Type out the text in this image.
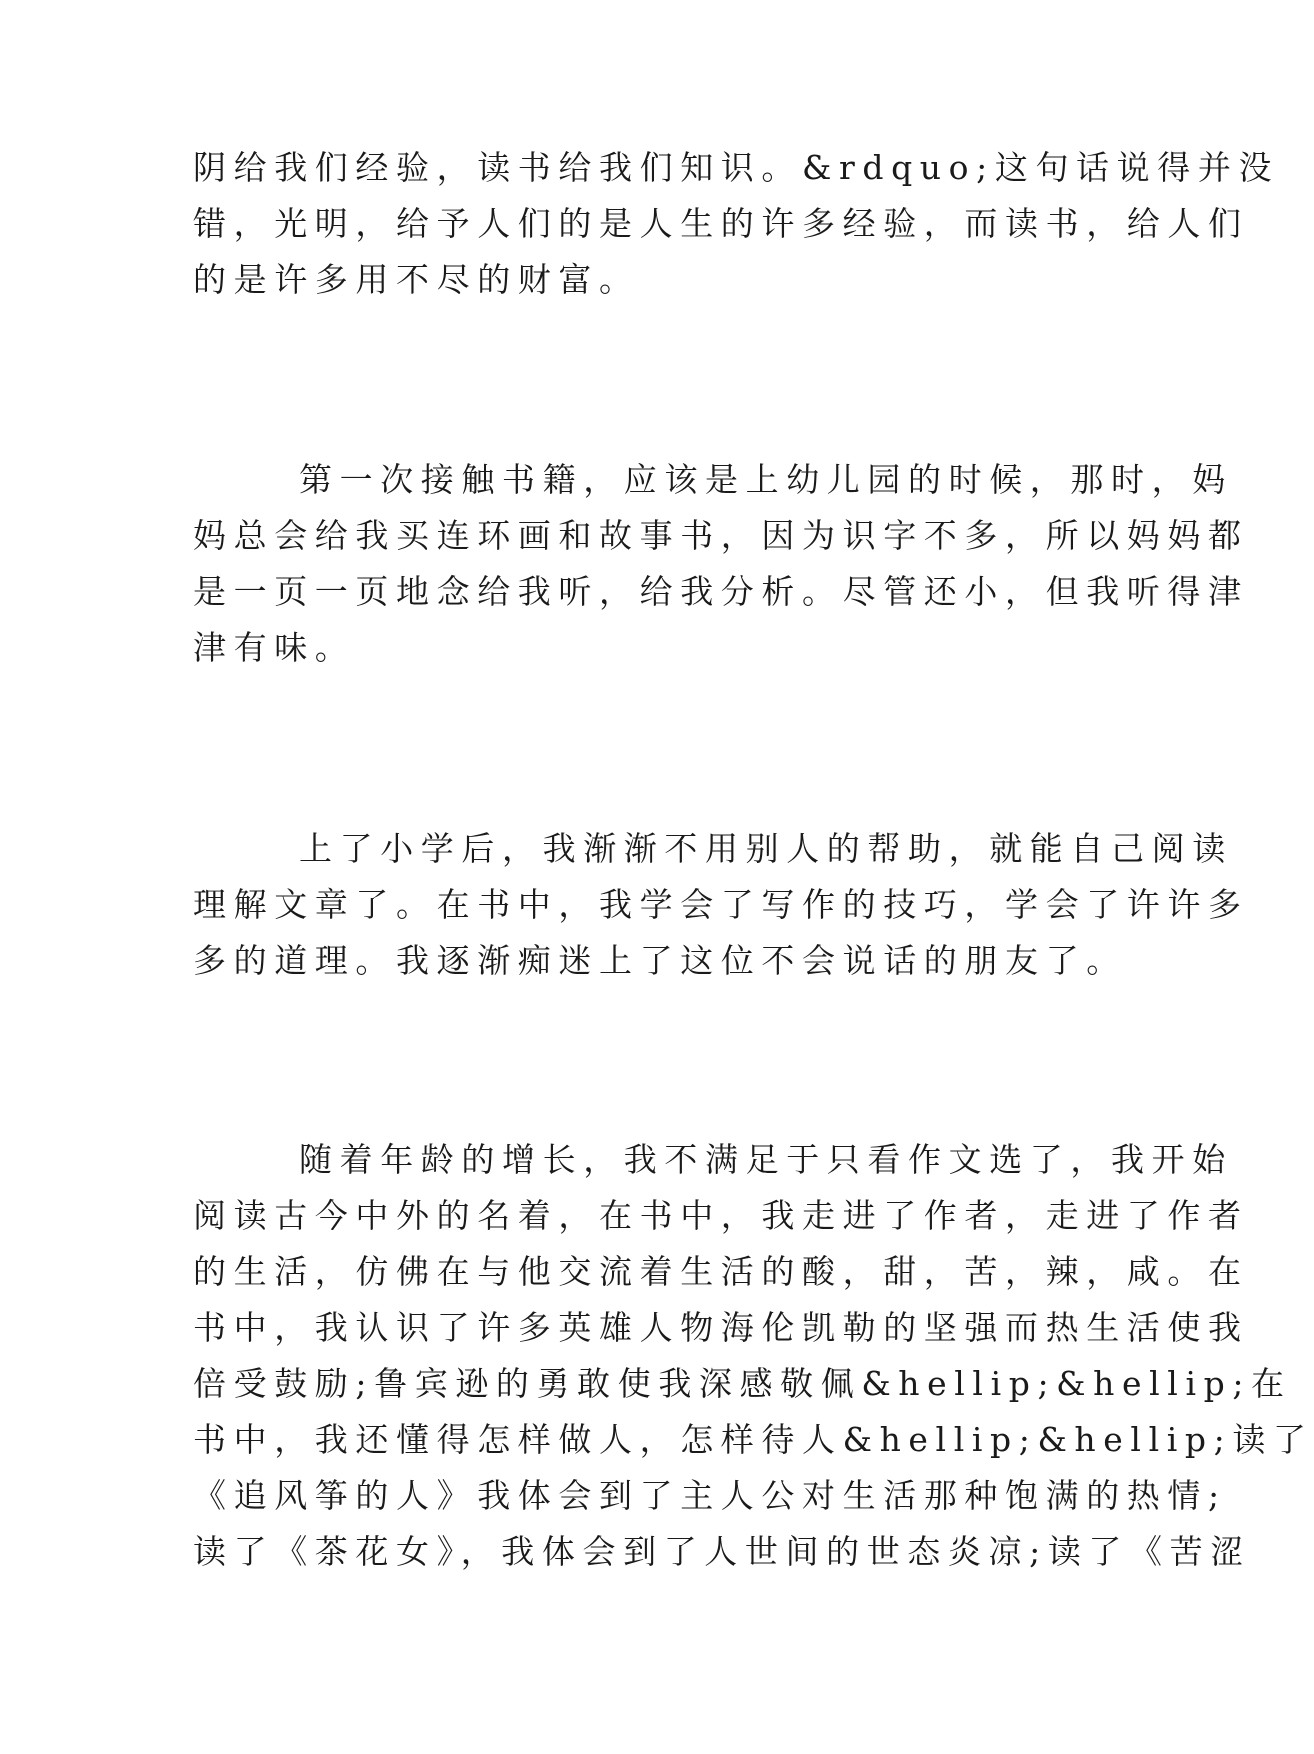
阴给我们经验，读书给我们知识。&rdquo;这句话说得并没
错，光明，给予人们的是人生的许多经验，而读书，给人们
的是许多用不尽的财富。
第一次接触书籍，应该是上幼儿园的时候，那时，妈
妈总会给我买连环画和故事书，因为识字不多，所以妈妈都
是一页一页地念给我听，给我分析。尽管还小，但我听得津
津有味。
上了小学后，我渐渐不用别人的帮助，就能自己阅读
理解文章了。在书中，我学会了写作的技巧，学会了许许多
多的道理。我逐渐痴迷上了这位不会说话的朋友了。
随着年龄的增长，我不满足于只看作文选了，我开始
阅读古今中外的名着，在书中，我走进了作者，走进了作者
的生活，仿佛在与他交流着生活的酸，甜，苦，辣，咸。在
书中，我认识了许多英雄人物海伦凯勒的坚强而热生活使我
倍受鼓励;鲁宾逊的勇敢使我深感敬佩&hellip;&hellip;在
书中，我还懂得怎样做人，怎样待人&hellip;&hellip;读了
《追风筝的人》我体会到了主人公对生活那种饱满的热情;
读了《茶花女》，我体会到了人世间的世态炎凉;读了《苦涩
